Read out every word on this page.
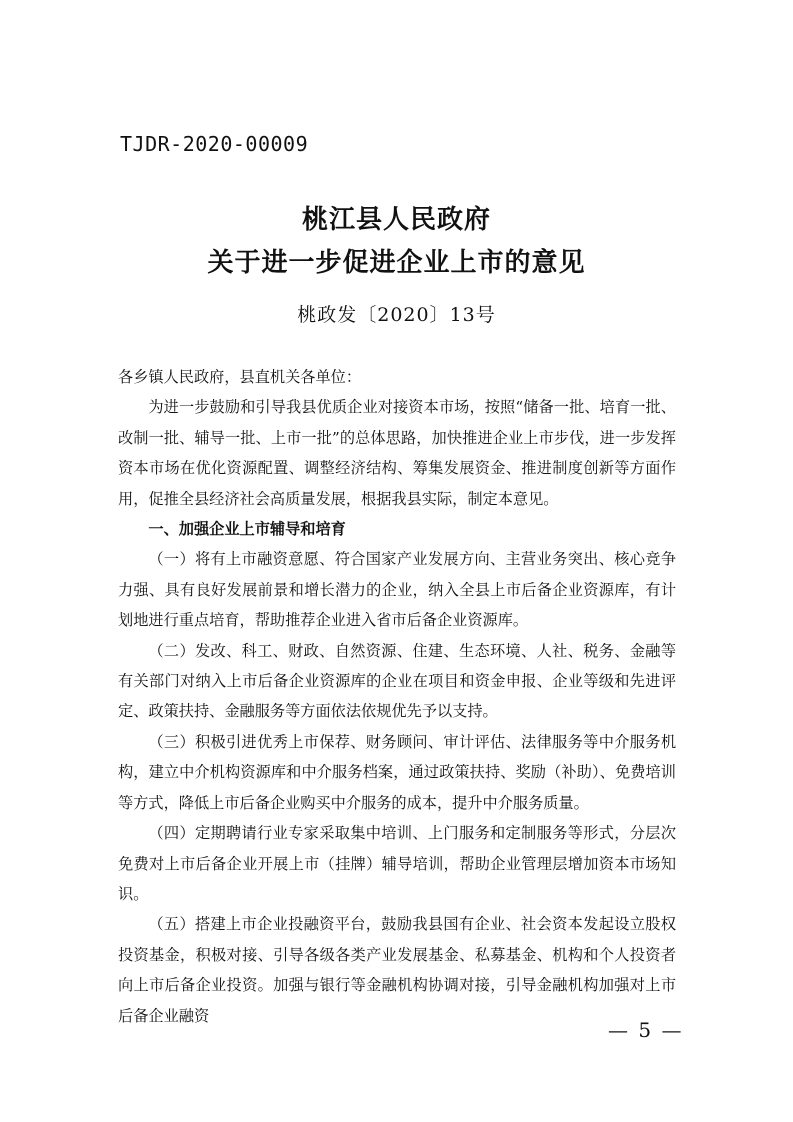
TJDR-2020-00009
桃江县人民政府
关于进一步促进企业上市的意见
桃政发〔2020〕13号

各乡镇人民政府，县直机关各单位：

为进一步鼓励和引导我县优质企业对接资本市场，按照“储备一批、培育一批、改制一批、辅导一批、上市一批”的总体思路，加快推进企业上市步伐，进一步发挥资本市场在优化资源配置、调整经济结构、筹集发展资金、推进制度创新等方面作用，促推全县经济社会高质量发展，根据我县实际，制定本意见。

一、加强企业上市辅导和培育

（一）将有上市融资意愿、符合国家产业发展方向、主营业务突出、核心竞争力强、具有良好发展前景和增长潜力的企业，纳入全县上市后备企业资源库，有计划地进行重点培育，帮助推荐企业进入省市后备企业资源库。

（二）发改、科工、财政、自然资源、住建、生态环境、人社、税务、金融等有关部门对纳入上市后备企业资源库的企业在项目和资金申报、企业等级和先进评定、政策扶持、金融服务等方面依法依规优先予以支持。

（三）积极引进优秀上市保荐、财务顾问、审计评估、法律服务等中介服务机构，建立中介机构资源库和中介服务档案，通过政策扶持、奖励（补助）、免费培训等方式，降低上市后备企业购买中介服务的成本，提升中介服务质量。

（四）定期聘请行业专家采取集中培训、上门服务和定制服务等形式，分层次免费对上市后备企业开展上市（挂牌）辅导培训，帮助企业管理层增加资本市场知识。

（五）搭建上市企业投融资平台，鼓励我县国有企业、社会资本发起设立股权投资基金，积极对接、引导各级各类产业发展基金、私募基金、机构和个人投资者向上市后备企业投资。加强与银行等金融机构协调对接，引导金融机构加强对上市后备企业融资

— 5 —
